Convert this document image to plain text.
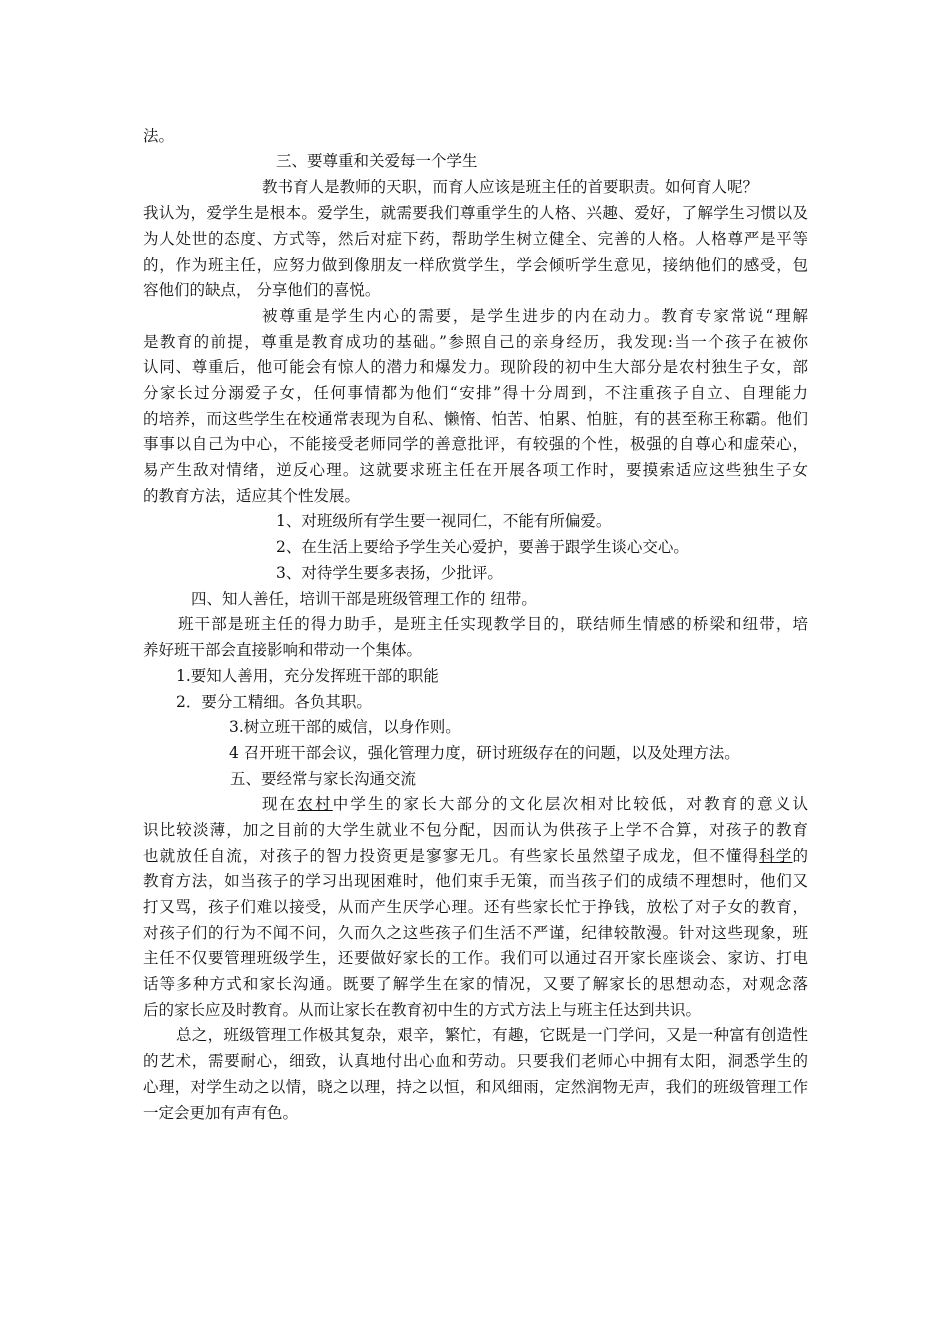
法。
三、要尊重和关爱每一个学生
教书育人是教师的天职，而育人应该是班主任的首要职责。如何育人呢？
我认为，爱学生是根本。爱学生，就需要我们尊重学生的人格、兴趣、爱好，了解学生习惯以及
为人处世的态度、方式等，然后对症下药，帮助学生树立健全、完善的人格。人格尊严是平等
的，作为班主任，应努力做到像朋友一样欣赏学生，学会倾听学生意见，接纳他们的感受，包
容他们的缺点， 分享他们的喜悦。
被尊重是学生内心的需要，是学生进步的内在动力。教育专家常说“理解
是教育的前提，尊重是教育成功的基础。”参照自己的亲身经历，我发现:当一个孩子在被你
认同、尊重后，他可能会有惊人的潜力和爆发力。现阶段的初中生大部分是农村独生子女，部
分家长过分溺爱子女，任何事情都为他们“安排”得十分周到，不注重孩子自立、自理能力
的培养，而这些学生在校通常表现为自私、懒惰、怕苦、怕累、怕脏，有的甚至称王称霸。他们
事事以自己为中心，不能接受老师同学的善意批评，有较强的个性，极强的自尊心和虚荣心，
易产生敌对情绪，逆反心理。这就要求班主任在开展各项工作时，要摸索适应这些独生子女
的教育方法，适应其个性发展。
1、对班级所有学生要一视同仁，不能有所偏爱。
2、在生活上要给予学生关心爱护，要善于跟学生谈心交心。
3、对待学生要多表扬，少批评。
四、知人善任，培训干部是班级管理工作的 纽带。
班干部是班主任的得力助手，是班主任实现教学目的，联结师生情感的桥梁和纽带，培
养好班干部会直接影响和带动一个集体。
1.要知人善用，充分发挥班干部的职能
2．要分工精细。各负其职。
3.树立班干部的威信，以身作则。
4 召开班干部会议，强化管理力度，研讨班级存在的问题，以及处理方法。
五、要经常与家长沟通交流
现在农村中学生的家长大部分的文化层次相对比较低，对教育的意义认
识比较淡薄，加之目前的大学生就业不包分配，因而认为供孩子上学不合算，对孩子的教育
也就放任自流，对孩子的智力投资更是寥寥无几。有些家长虽然望子成龙，但不懂得科学的
教育方法，如当孩子的学习出现困难时，他们束手无策，而当孩子们的成绩不理想时，他们又
打又骂，孩子们难以接受，从而产生厌学心理。还有些家长忙于挣钱，放松了对子女的教育，
对孩子们的行为不闻不问，久而久之这些孩子们生活不严谨，纪律较散漫。针对这些现象，班
主任不仅要管理班级学生，还要做好家长的工作。我们可以通过召开家长座谈会、家访、打电
话等多种方式和家长沟通。既要了解学生在家的情况，又要了解家长的思想动态，对观念落
后的家长应及时教育。从而让家长在教育初中生的方式方法上与班主任达到共识。
总之，班级管理工作极其复杂，艰辛，繁忙，有趣，它既是一门学问，又是一种富有创造性
的艺术，需要耐心，细致，认真地付出心血和劳动。只要我们老师心中拥有太阳，洞悉学生的
心理，对学生动之以情，晓之以理，持之以恒，和风细雨，定然润物无声，我们的班级管理工作
一定会更加有声有色。
